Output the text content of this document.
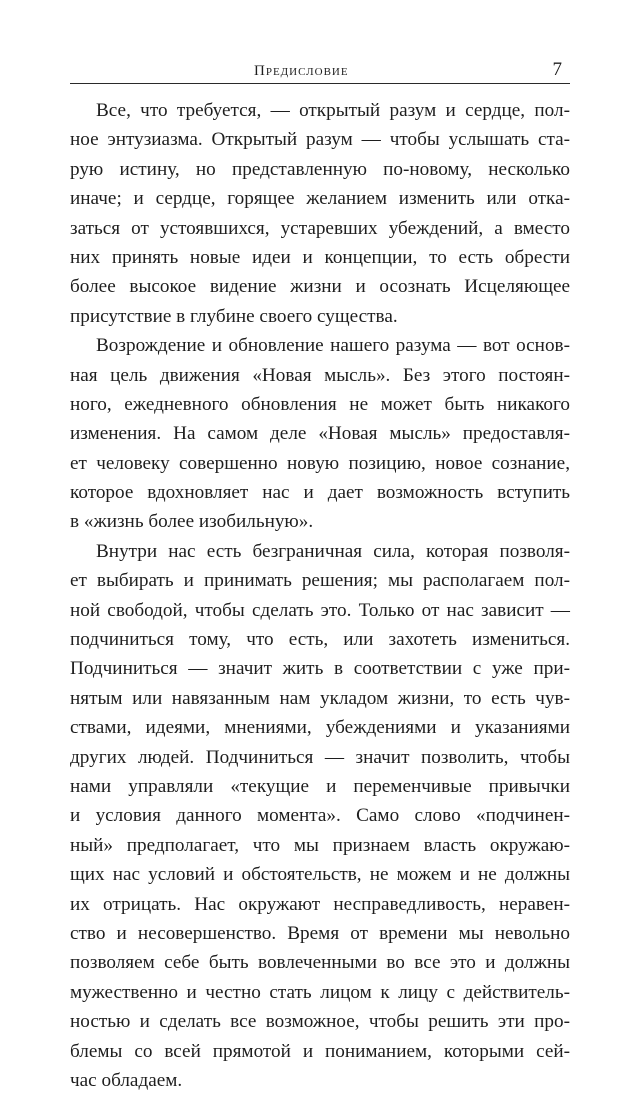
Предисловие	7
Все, что требуется, — открытый разум и сердце, пол-
ное энтузиазма. Открытый разум — чтобы услышать ста-
рую истину, но представленную по-новому, несколько
иначе; и сердце, горящее желанием изменить или отка-
заться от устоявшихся, устаревших убеждений, а вместо
них принять новые идеи и концепции, то есть обрести
более высокое видение жизни и осознать Исцеляющее
присутствие в глубине своего существа.
Возрождение и обновление нашего разума — вот основ-
ная цель движения «Новая мысль». Без этого постоян-
ного, ежедневного обновления не может быть никакого
изменения. На самом деле «Новая мысль» предоставля-
ет человеку совершенно новую позицию, новое сознание,
которое вдохновляет нас и дает возможность вступить
в «жизнь более изобильную».
Внутри нас есть безграничная сила, которая позволя-
ет выбирать и принимать решения; мы располагаем пол-
ной свободой, чтобы сделать это. Только от нас зависит —
подчиниться тому, что есть, или захотеть измениться.
Подчиниться — значит жить в соответствии с уже при-
нятым или навязанным нам укладом жизни, то есть чув-
ствами, идеями, мнениями, убеждениями и указаниями
других людей. Подчиниться — значит позволить, чтобы
нами управляли «текущие и переменчивые привычки
и условия данного момента». Само слово «подчинен-
ный» предполагает, что мы признаем власть окружаю-
щих нас условий и обстоятельств, не можем и не должны
их отрицать. Нас окружают несправедливость, неравен-
ство и несовершенство. Время от времени мы невольно
позволяем себе быть вовлеченными во все это и должны
мужественно и честно стать лицом к лицу с действитель-
ностью и сделать все возможное, чтобы решить эти про-
блемы со всей прямотой и пониманием, которыми сей-
час обладаем.
